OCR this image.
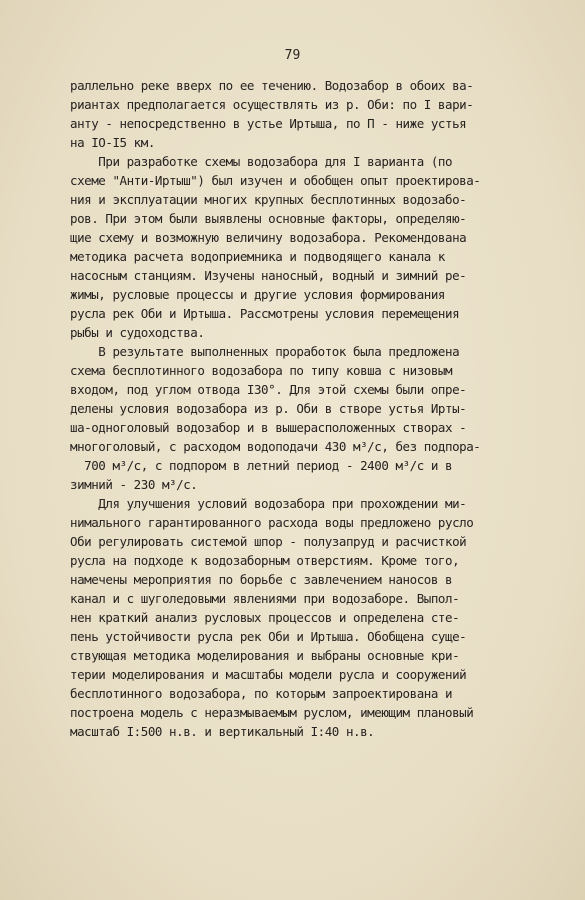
79
раллельно реке вверх по ее течению. Водозабор в обоих ва-
риантах предполагается осуществлять из р. Оби: по I вари-
анту - непосредственно в устье Иртыша, по П - ниже устья
на IO-I5 км.
При разработке схемы водозабора для I варианта (по
схеме "Анти-Иртыш") был изучен и обобщен опыт проектирова-
ния и эксплуатации многих крупных бесплотинных водозабо-
ров. При этом были выявлены основные факторы, определяю-
щие схему и возможную величину водозабора. Рекомендована
методика расчета водоприемника и подводящего канала к
насосным станциям. Изучены наносный, водный и зимний ре-
жимы, русловые процессы и другие условия формирования
русла рек Оби и Иртыша. Рассмотрены условия перемещения
рыбы и судоходства.
В результате выполненных проработок была предложена
схема бесплотинного водозабора по типу ковша с низовым
входом, под углом отвода I30°. Для этой схемы были опре-
делены условия водозабора из р. Оби в створе устья Ирты-
ша-одноголовый водозабор и в вышерасположенных створах -
многоголовый, с расходом водоподачи 430 м³/с, без подпора-
700 м³/с, с подпором в летний период - 2400 м³/с и в
зимний - 230 м³/с.
Для улучшения условий водозабора при прохождении ми-
нимального гарантированного расхода воды предложено русло
Оби регулировать системой шпор - полузапруд и расчисткой
русла на подходе к водозаборным отверстиям. Кроме того,
намечены мероприятия по борьбе с завлечением наносов в
канал и с шуголедовыми явлениями при водозаборе. Выпол-
нен краткий анализ русловых процессов и определена сте-
пень устойчивости русла рек Оби и Иртыша. Обобщена суще-
ствующая методика моделирования и выбраны основные кри-
терии моделирования и масштабы модели русла и сооружений
бесплотинного водозабора, по которым запроектирована и
построена модель с неразмываемым руслом, имеющим плановый
масштаб I:500 н.в. и вертикальный I:40 н.в.
